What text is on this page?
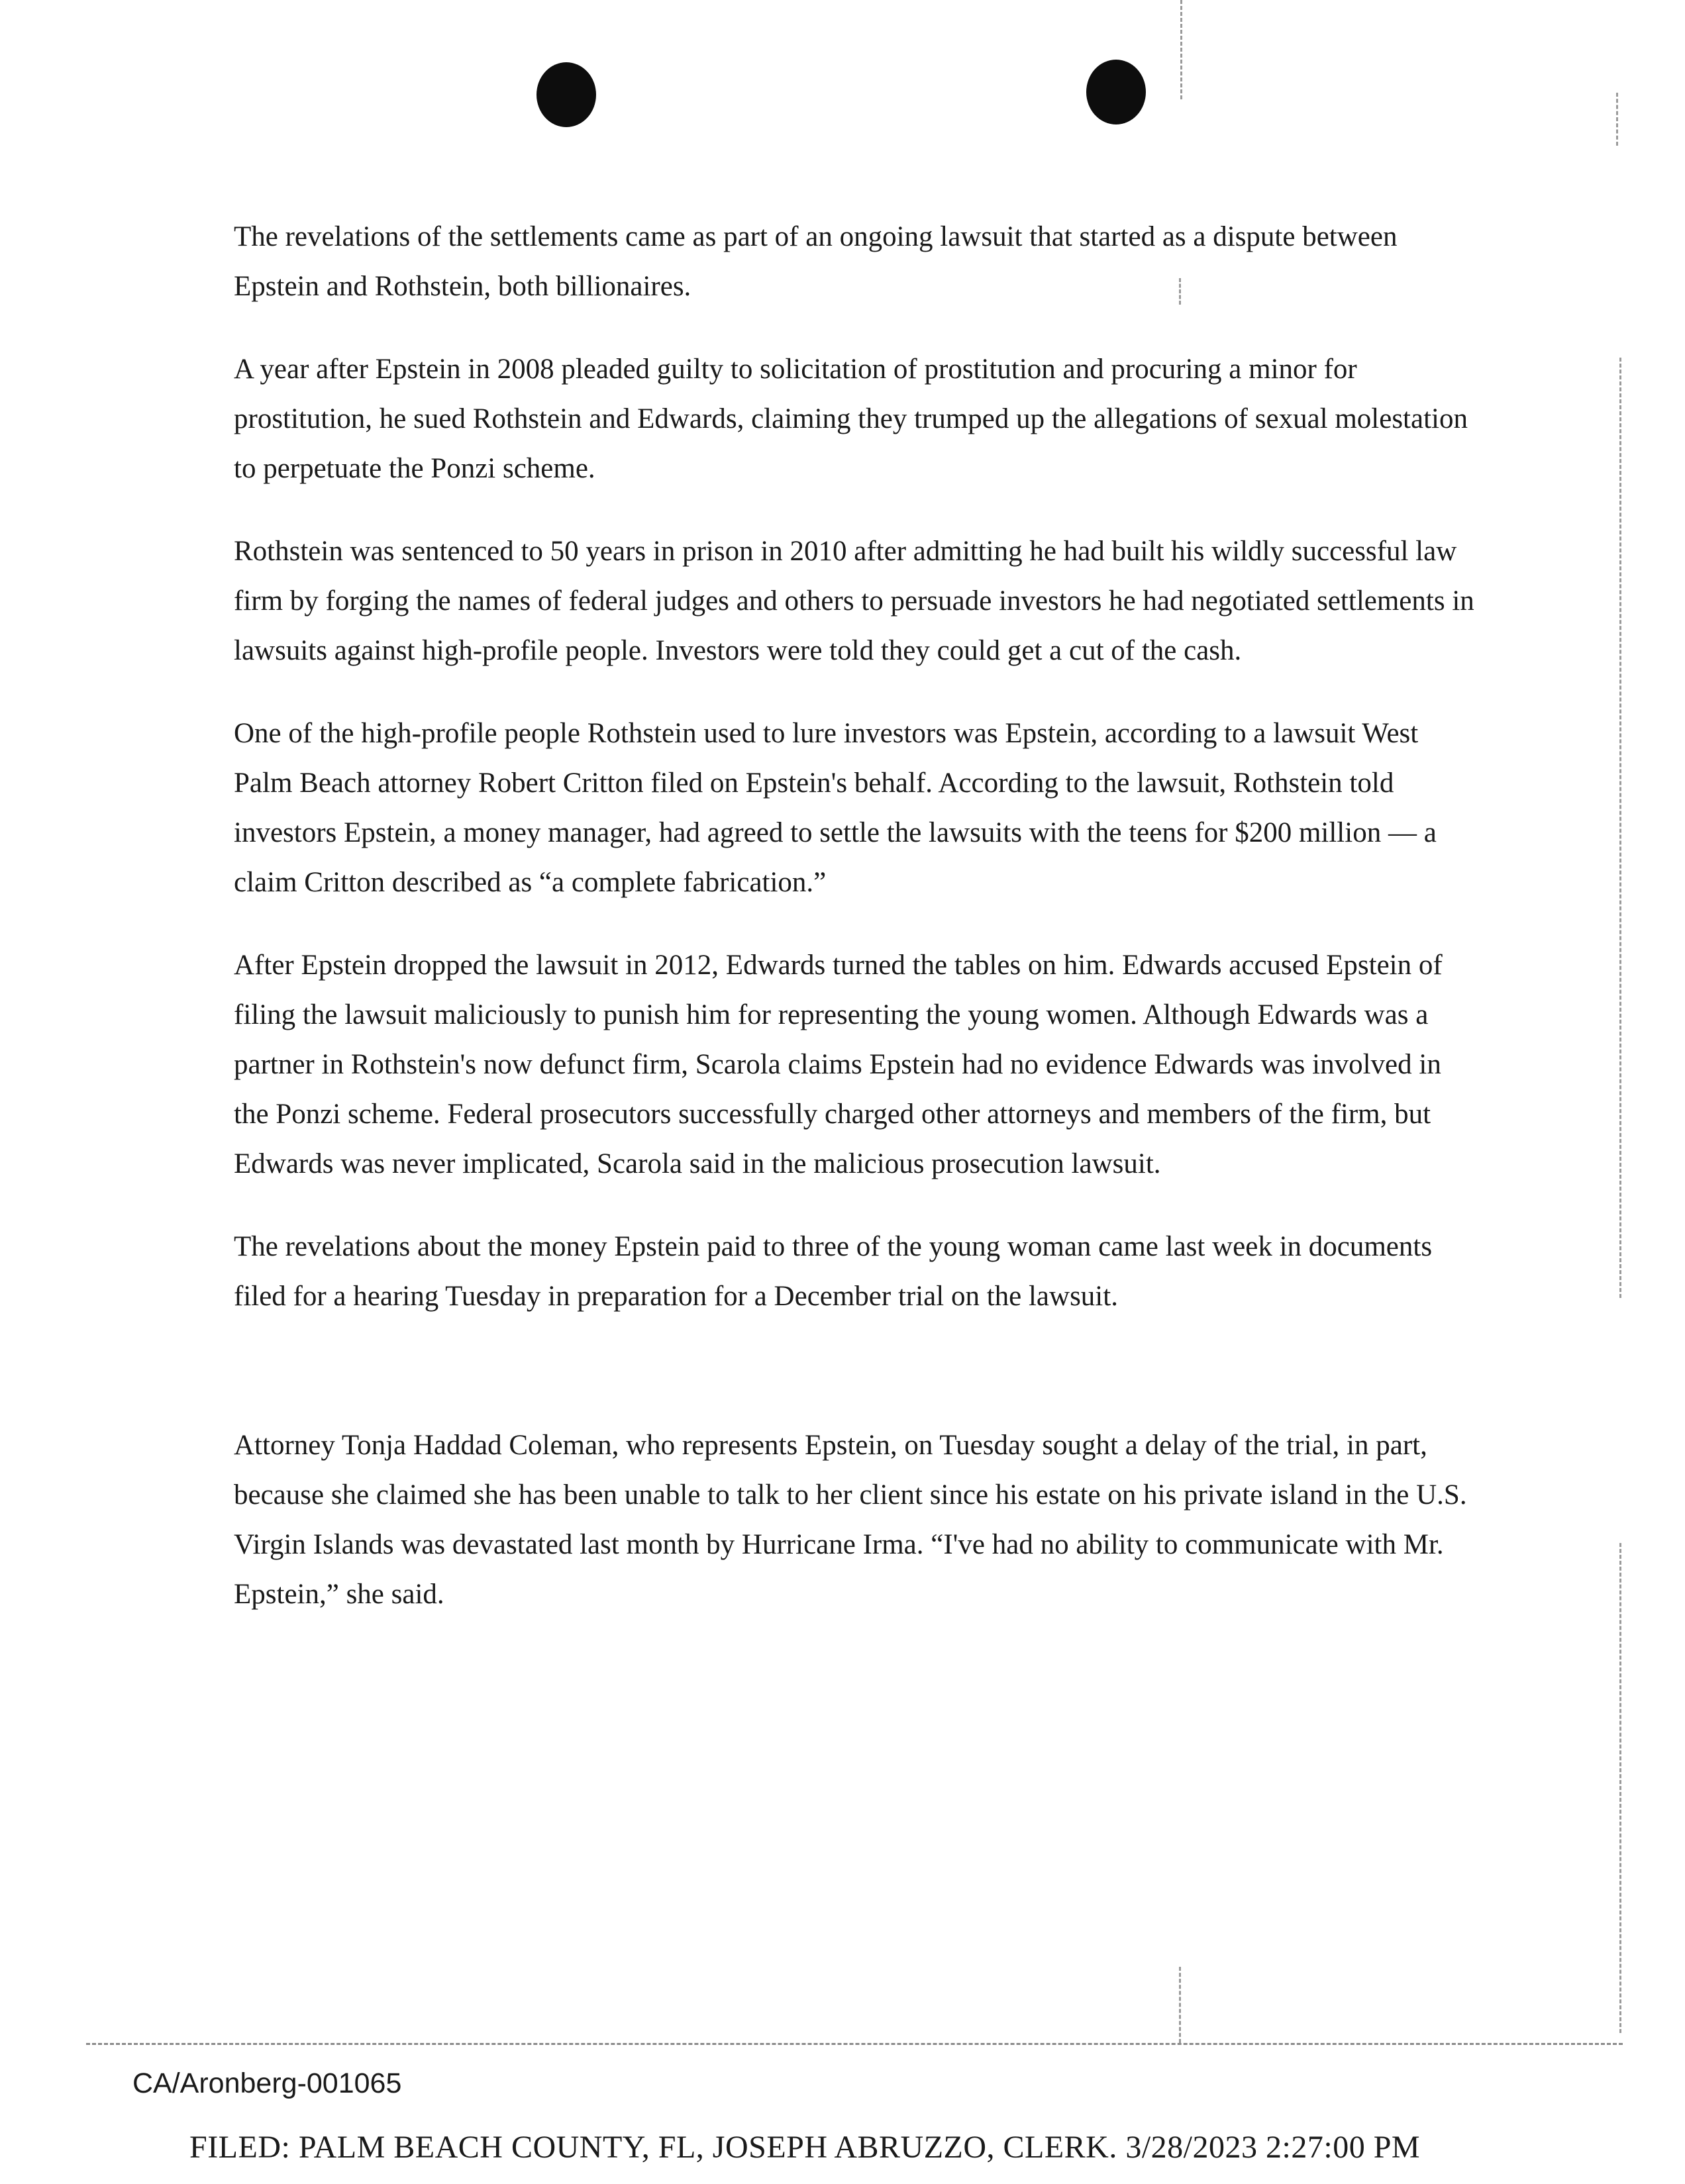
The revelations of the settlements came as part of an ongoing lawsuit that started as a dispute between Epstein and Rothstein, both billionaires.

A year after Epstein in 2008 pleaded guilty to solicitation of prostitution and procuring a minor for prostitution, he sued Rothstein and Edwards, claiming they trumped up the allegations of sexual molestation to perpetuate the Ponzi scheme.

Rothstein was sentenced to 50 years in prison in 2010 after admitting he had built his wildly successful law firm by forging the names of federal judges and others to persuade investors he had negotiated settlements in lawsuits against high-profile people. Investors were told they could get a cut of the cash.

One of the high-profile people Rothstein used to lure investors was Epstein, according to a lawsuit West Palm Beach attorney Robert Critton filed on Epstein's behalf. According to the lawsuit, Rothstein told investors Epstein, a money manager, had agreed to settle the lawsuits with the teens for $200 million — a claim Critton described as “a complete fabrication.”

After Epstein dropped the lawsuit in 2012, Edwards turned the tables on him. Edwards accused Epstein of filing the lawsuit maliciously to punish him for representing the young women. Although Edwards was a partner in Rothstein's now defunct firm, Scarola claims Epstein had no evidence Edwards was involved in the Ponzi scheme. Federal prosecutors successfully charged other attorneys and members of the firm, but Edwards was never implicated, Scarola said in the malicious prosecution lawsuit.

The revelations about the money Epstein paid to three of the young woman came last week in documents filed for a hearing Tuesday in preparation for a December trial on the lawsuit.

Attorney Tonja Haddad Coleman, who represents Epstein, on Tuesday sought a delay of the trial, in part, because she claimed she has been unable to talk to her client since his estate on his private island in the U.S. Virgin Islands was devastated last month by Hurricane Irma. “I've had no ability to communicate with Mr. Epstein,” she said.

CA/Aronberg-001065
FILED: PALM BEACH COUNTY, FL, JOSEPH ABRUZZO, CLERK. 3/28/2023 2:27:00 PM
